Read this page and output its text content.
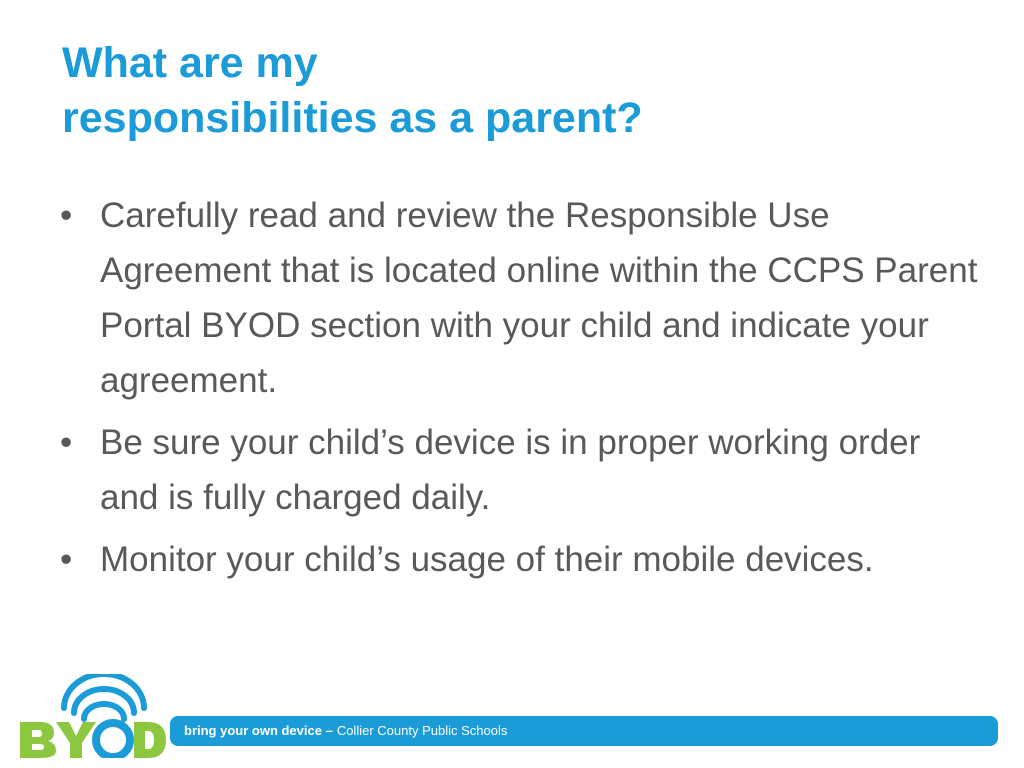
What are my
responsibilities as a parent?
• Carefully read and review the Responsible Use Agreement that is located online within the CCPS Parent Portal BYOD section with your child and indicate your agreement.
• Be sure your child’s device is in proper working order and is fully charged daily.
• Monitor your child’s usage of their mobile devices.
bring your own device – Collier County Public Schools
